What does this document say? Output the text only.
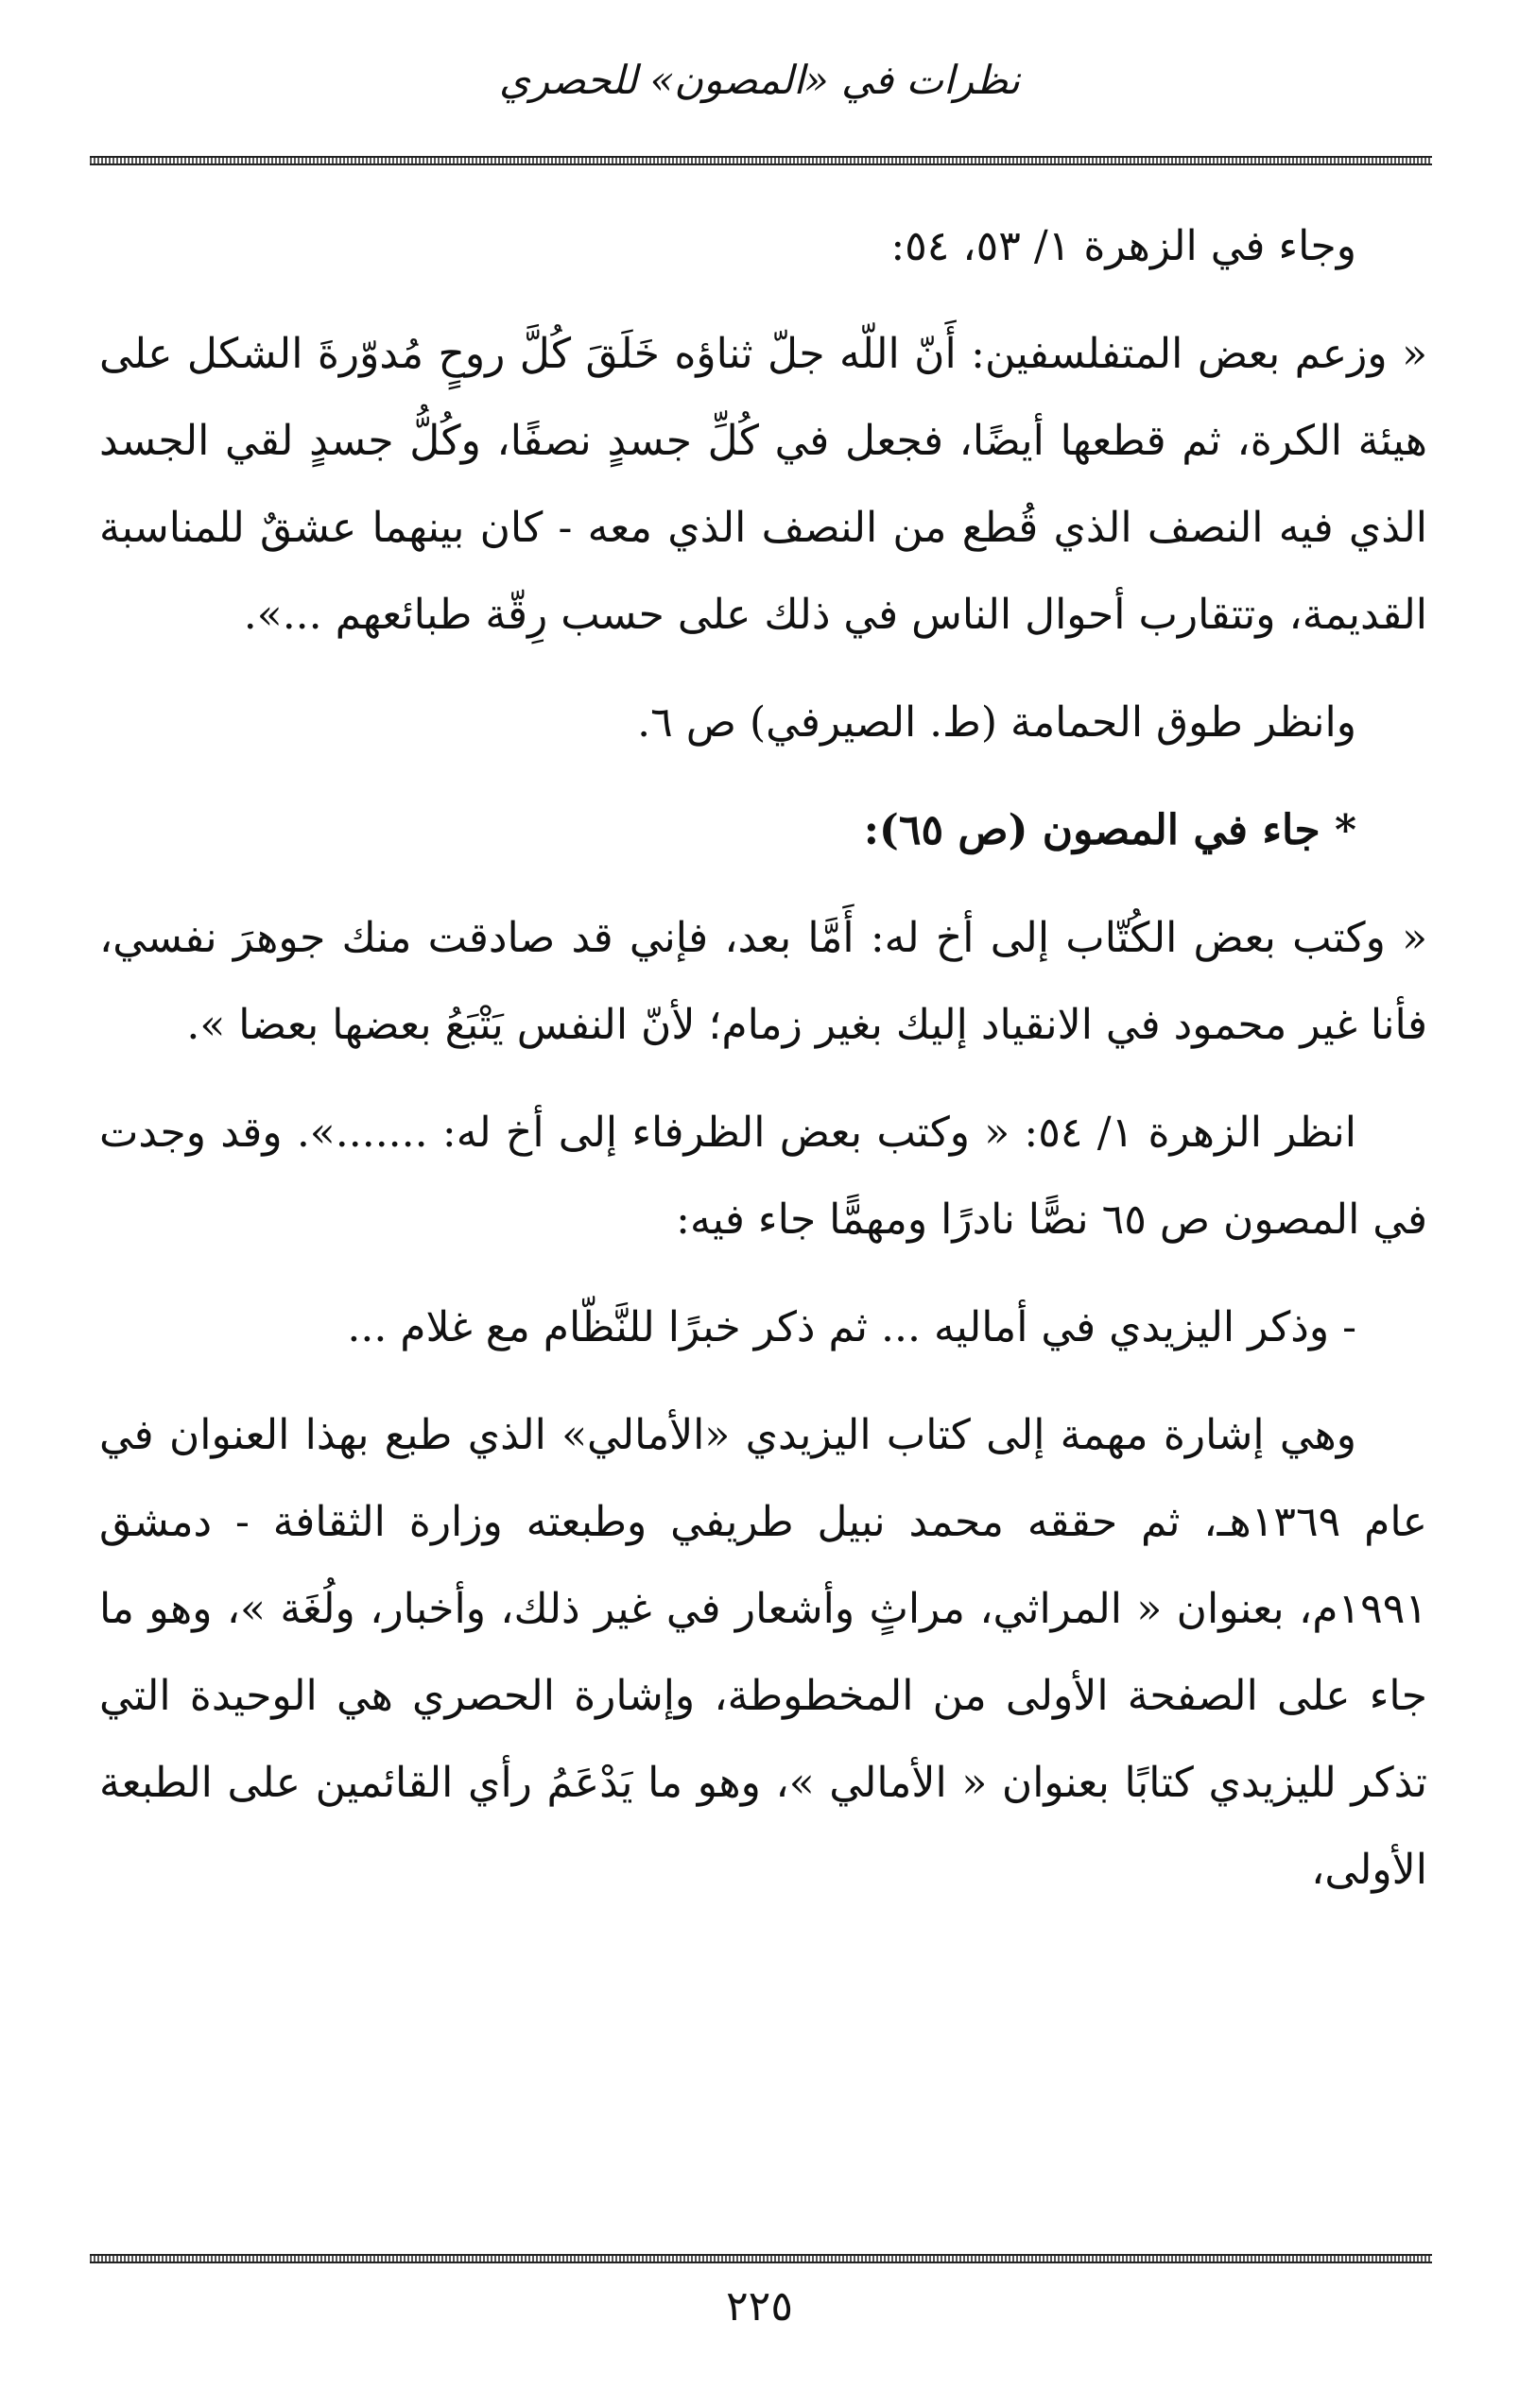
نظرات في «المصون» للحصري

وجاء في الزهرة ١/ ٥٣، ٥٤:

« وزعم بعض المتفلسفين: أَنّ اللّه جلّ ثناؤه خَلَقَ كُلَّ روحٍ مُدوّرةَ الشكل على هيئة الكرة، ثم قطعها أيضًا، فجعل في كُلِّ جسدٍ نصفًا، وكُلُّ جسدٍ لقي الجسد الذي فيه النصف الذي قُطع من النصف الذي معه - كان بينهما عشقٌ للمناسبة القديمة، وتتقارب أحوال الناس في ذلك على حسب رِقّة طبائعهم ...».

وانظر طوق الحمامة (ط. الصيرفي) ص ٦.

* جاء في المصون (ص ٦٥):

« وكتب بعض الكُتّاب إلى أخ له: أَمَّا بعد، فإني قد صادقت منك جوهرَ نفسي، فأنا غير محمود في الانقياد إليك بغير زمام؛ لأنّ النفس يَتْبَعُ بعضها بعضا ».

انظر الزهرة ١/ ٥٤: « وكتب بعض الظرفاء إلى أخ له: .......». وقد وجدت في المصون ص ٦٥ نصًّا نادرًا ومهمًّا جاء فيه:

- وذكر اليزيدي في أماليه ... ثم ذكر خبرًا للنَّظّام مع غلام ...

وهي إشارة مهمة إلى كتاب اليزيدي «الأمالي» الذي طبع بهذا العنوان في عام ١٣٦٩هـ، ثم حققه محمد نبيل طريفي وطبعته وزارة الثقافة - دمشق ١٩٩١م، بعنوان « المراثي، مراثٍ وأشعار في غير ذلك، وأخبار، ولُغَة »، وهو ما جاء على الصفحة الأولى من المخطوطة، وإشارة الحصري هي الوحيدة التي تذكر لليزيدي كتابًا بعنوان « الأمالي »، وهو ما يَدْعَمُ رأي القائمين على الطبعة الأولى،

٢٢٥
